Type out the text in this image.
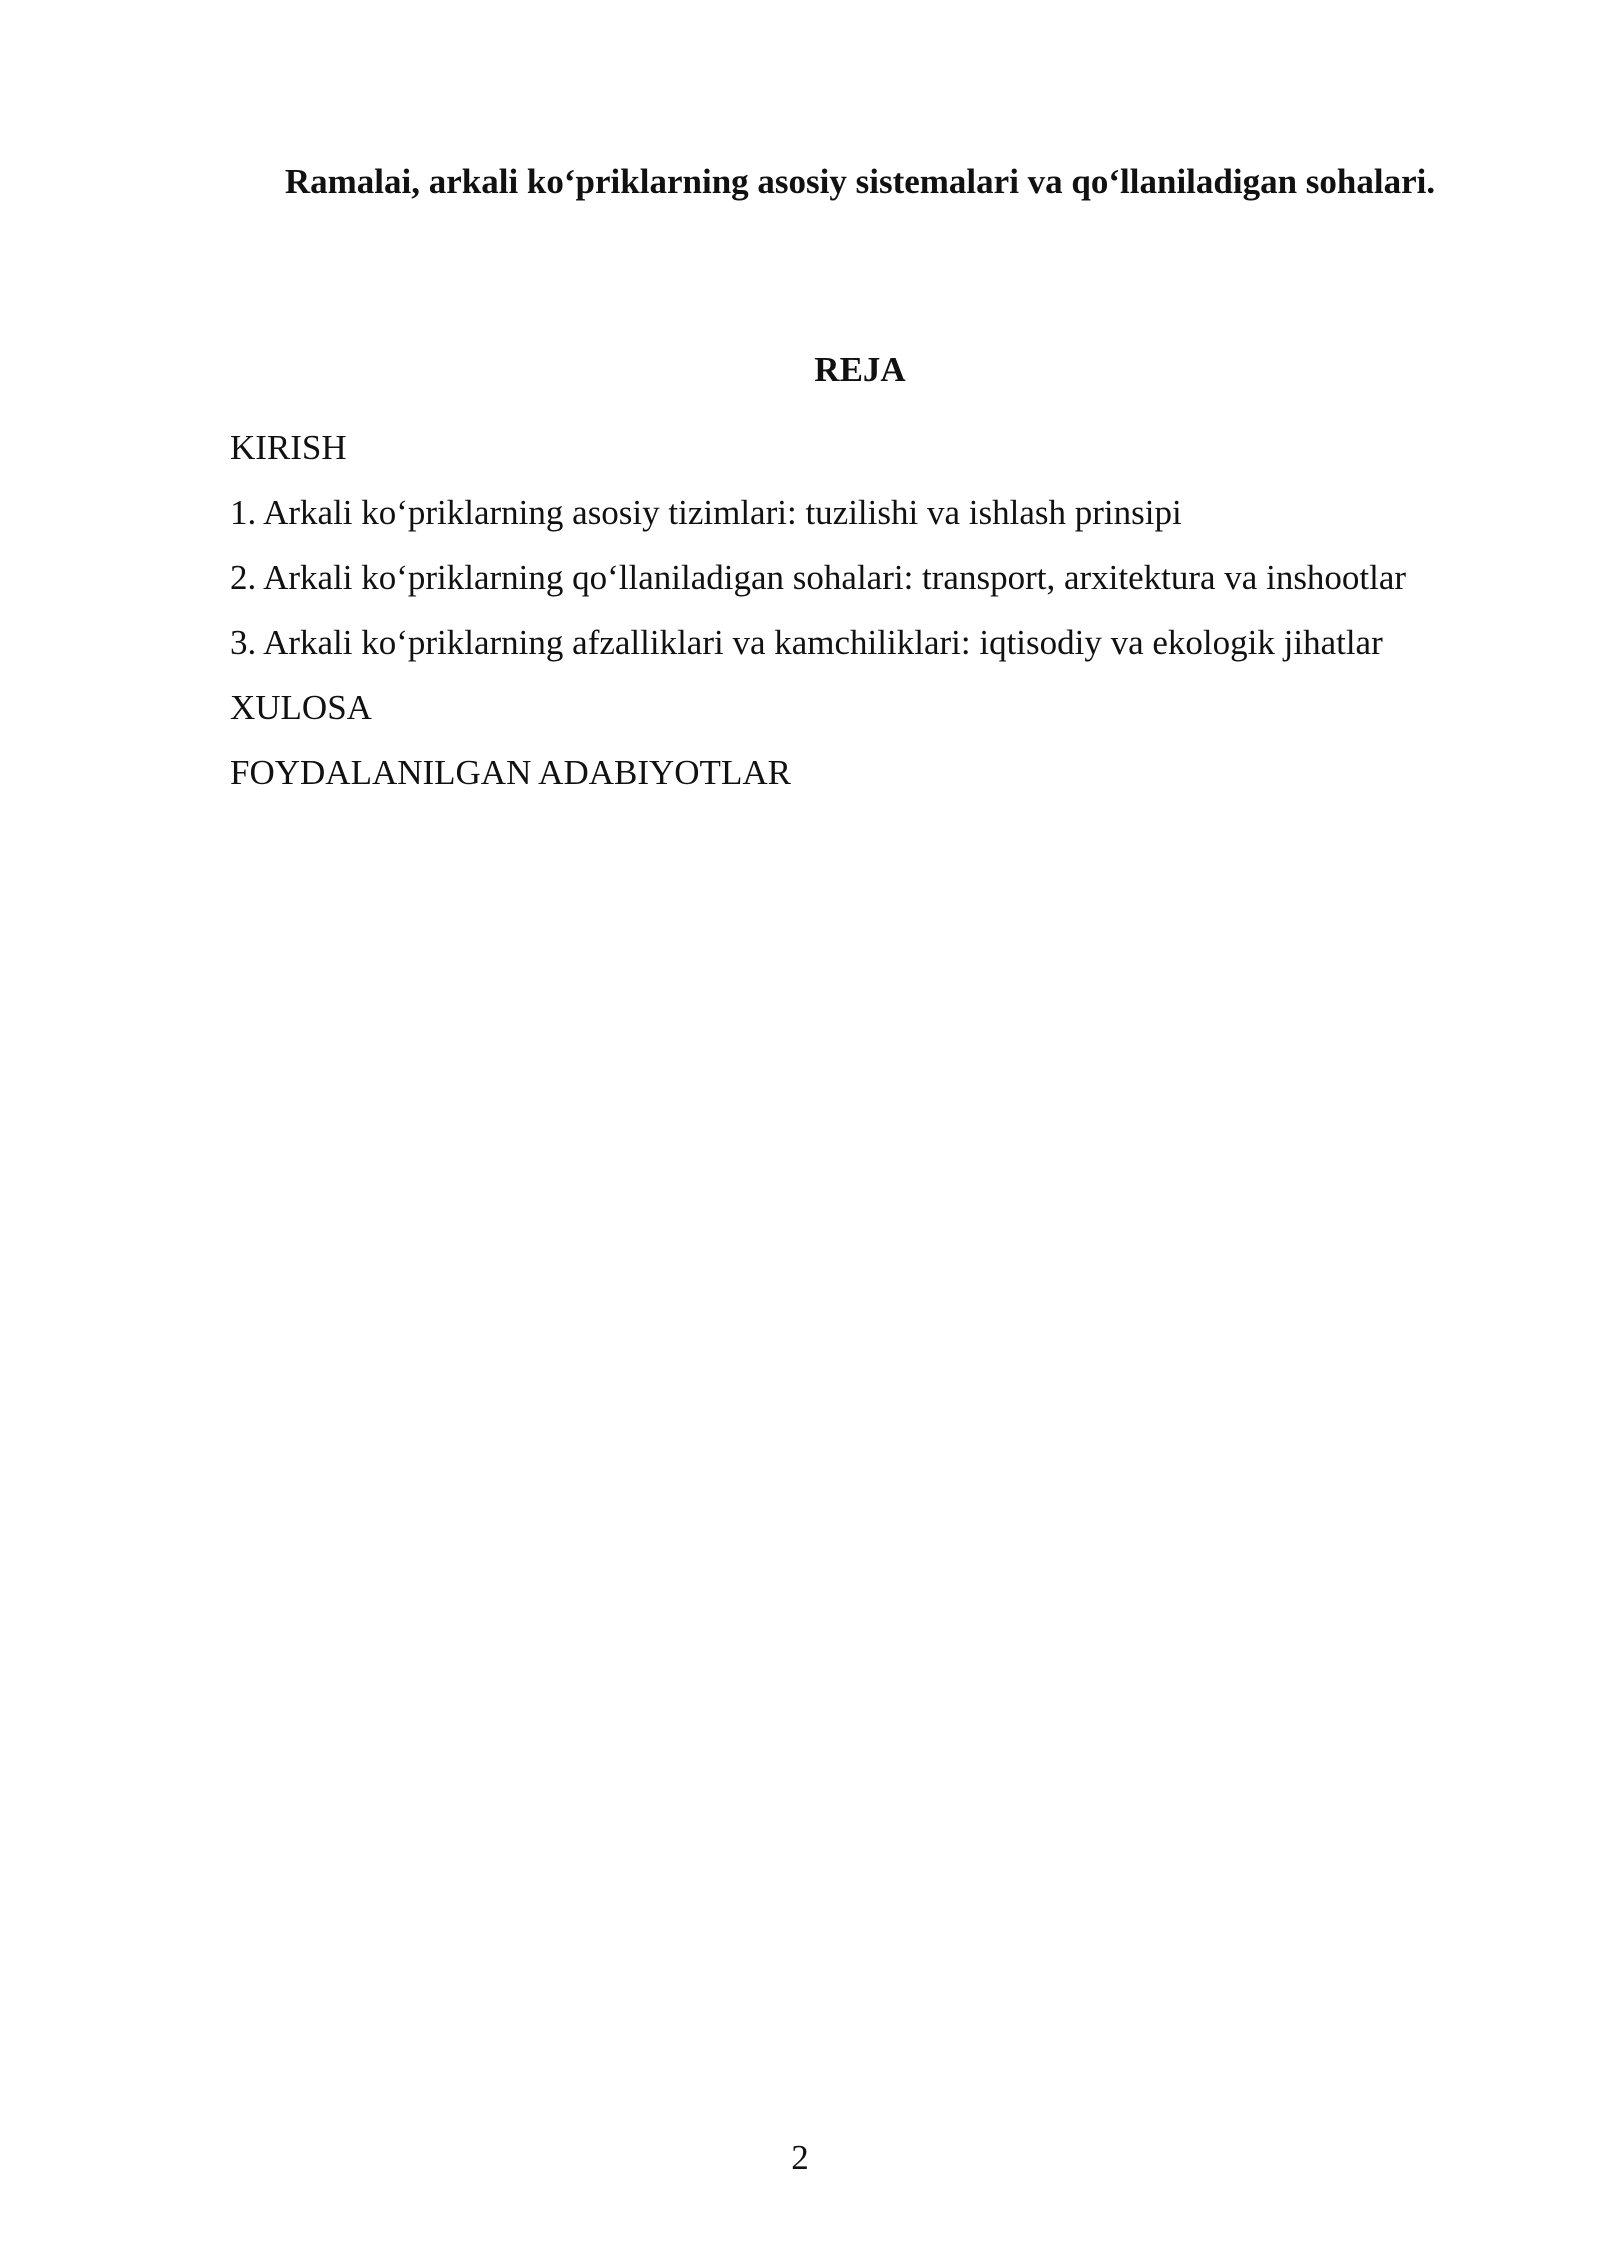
Ramalai, arkali ko‘priklarning asosiy sistemalari va qo‘llaniladigan sohalari.
REJA
KIRISH
1. Arkali ko‘priklarning asosiy tizimlari: tuzilishi va ishlash prinsipi
2. Arkali ko‘priklarning qo‘llaniladigan sohalari: transport, arxitektura va inshootlar
3. Arkali ko‘priklarning afzalliklari va kamchiliklari: iqtisodiy va ekologik jihatlar
XULOSA
FOYDALANILGAN ADABIYOTLAR
2
